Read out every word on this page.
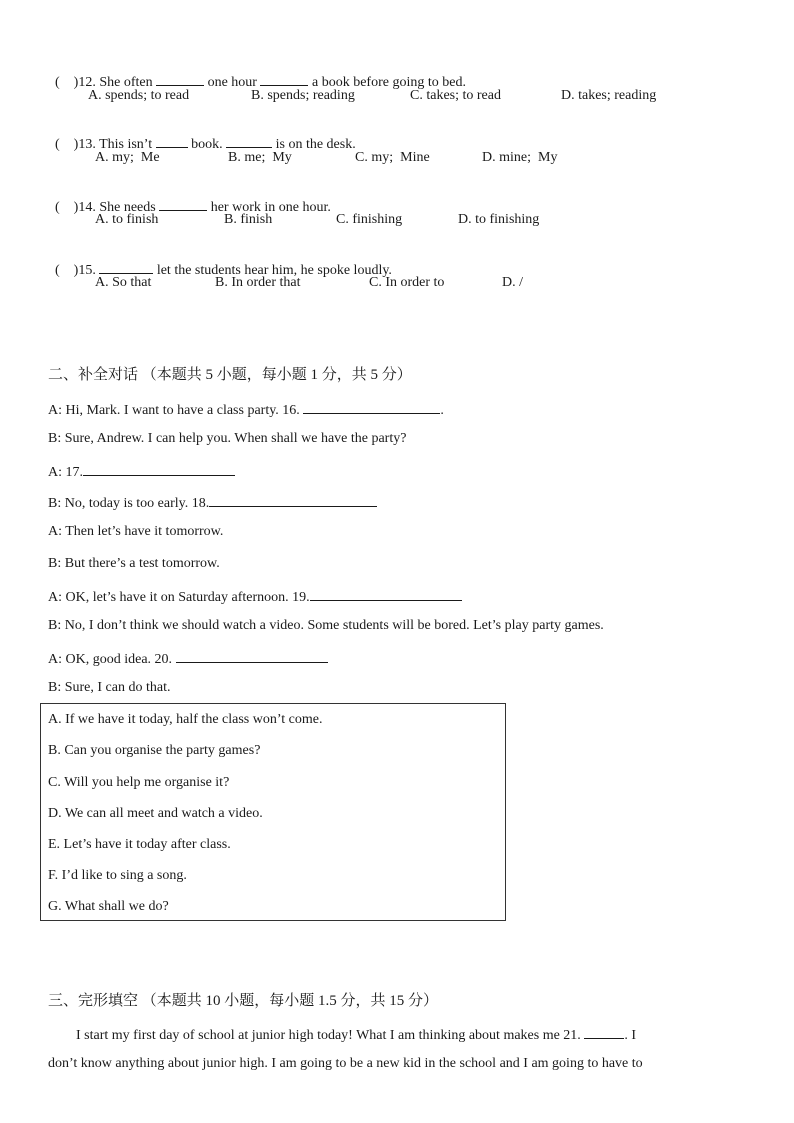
(    )12. She often	one hour	a book before going to bed.

A. spends; to read	B. spends; reading	C. takes; to read	D. takes; reading

(    )13. This isn’t  book.	is on the desk.

A. my;  Me	B. me;  My	C. my;  Mine	D. mine;  My

(    )14. She needs	her work in one hour.

A. to finish	B. finish	C. finishing	D. to finishing

(    )15.	let the students hear him, he spoke loudly.

A. So that	B. In order that	C. In order to	D. /
二、补全对话 （本题共 5 小题，每小题 1 分，共 5 分）
A: Hi, Mark. I want to have a class party. 16.	.
B: Sure, Andrew. I can help you. When shall we have the party?
A: 17.
B: No, today is too early. 18.
A: Then let’s have it tomorrow.
B: But there’s a test tomorrow.
A: OK, let’s have it on Saturday afternoon. 19.
B: No, I don’t think we should watch a video. Some students will be bored. Let’s play party games.
A: OK, good idea. 20.
B: Sure, I can do that.
A. If we have it today, half the class won’t come.
B. Can you organise the party games?
C. Will you help me organise it?
D. We can all meet and watch a video.
E. Let’s have it today after class.
F. I’d like to sing a song.
G. What shall we do?
三、完形填空 （本题共 10 小题，每小题 1.5 分，共 15 分）
I start my first day of school at junior high today! What I am thinking about makes me 21.	. I
don’t know anything about junior high. I am going to be a new kid in the school and I am going to have to
